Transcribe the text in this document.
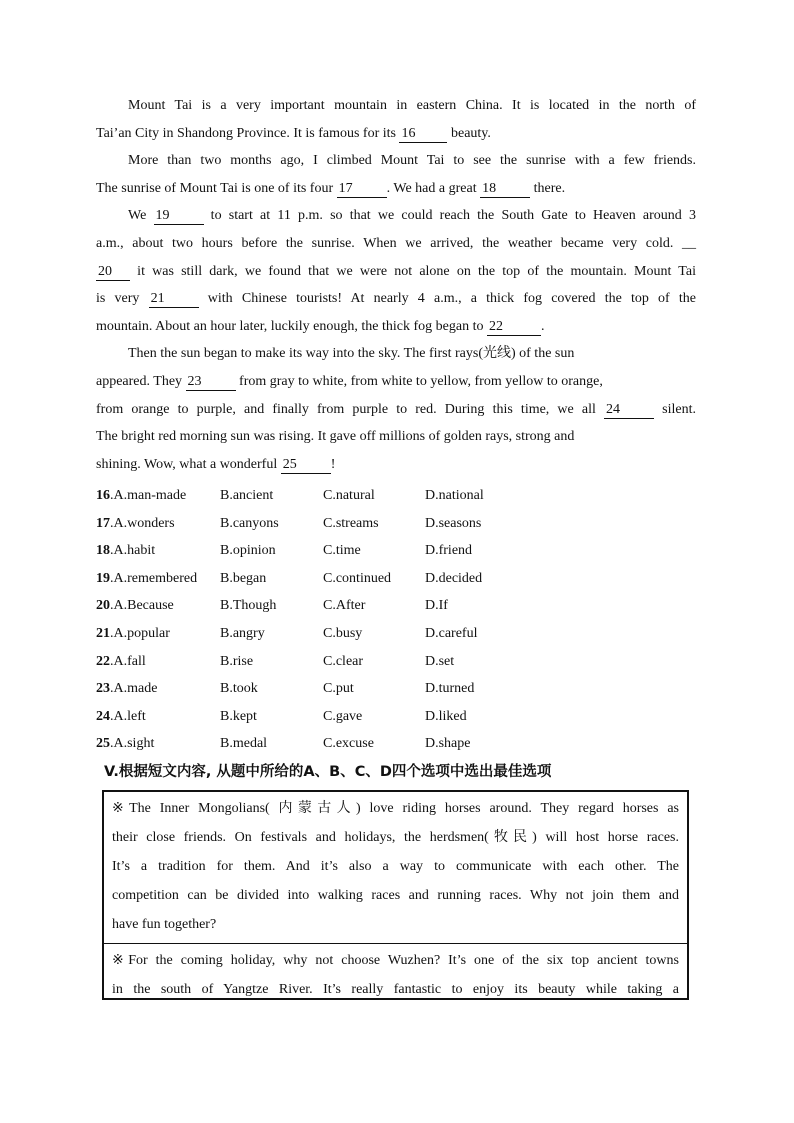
Mount Tai is a very important mountain in eastern China. It is located in the north of
Tai’an City in Shandong Province. It is famous for its 16 beauty.
More than two months ago, I climbed Mount Tai to see the sunrise with a few friends.
The sunrise of Mount Tai is one of its four 17 . We had a great 18 there.
We 19 to start at 11 p.m. so that we could reach the South Gate to Heaven around 3
a.m., about two hours before the sunrise. When we arrived, the weather became very cold. __
20 it was still dark, we found that we were not alone on the top of the mountain. Mount Tai
is very 21 with Chinese tourists! At nearly 4 a.m., a thick fog covered the top of the
mountain. About an hour later, luckily enough, the thick fog began to 22	.
Then the sun began to make its way into the sky. The first rays(光线) of the sun
appeared. They 23 from gray to white, from white to yellow, from yellow to orange,
from orange to purple, and finally from purple to red. During this time, we all 24 silent.
The bright red morning sun was rising. It gave off millions of golden rays, strong and
shining. Wow, what a wonderful 25 !
16.A.man-made B.ancient	C.natural	D.national
17.A.wonders	B.canyons	C.streams	D.seasons
18.A.habit	B.opinion	C.time	D.friend
19.A.remembered B.began	C.continued D.decided
20.A.Because	B.Though	C.After	D.If
21.A.popular	B.angry	C.busy	D.careful
22.A.fall	B.rise	C.clear	D.set
23.A.made	B.took	C.put	D.turned
24.A.left	B.kept	C.gave	D.liked
25.A.sight	B.medal	C.excuse	D.shape
V.根据短文内容, 从题中所给的A、B、C、D四个选项中选出最佳选项
※The Inner Mongolians( 内蒙古人) love riding horses around. They regard horses as
their close friends. On festivals and holidays, the herdsmen(牧民) will host horse races.
It’s a tradition for them. And it’s also a way to communicate with each other. The
competition can be divided into walking races and running races. Why not join them and
have fun together?
※For the coming holiday, why not choose Wuzhen? It’s one of the six top ancient towns
in the south of Yangtze River. It’s really fantastic to enjoy its beauty while taking a
